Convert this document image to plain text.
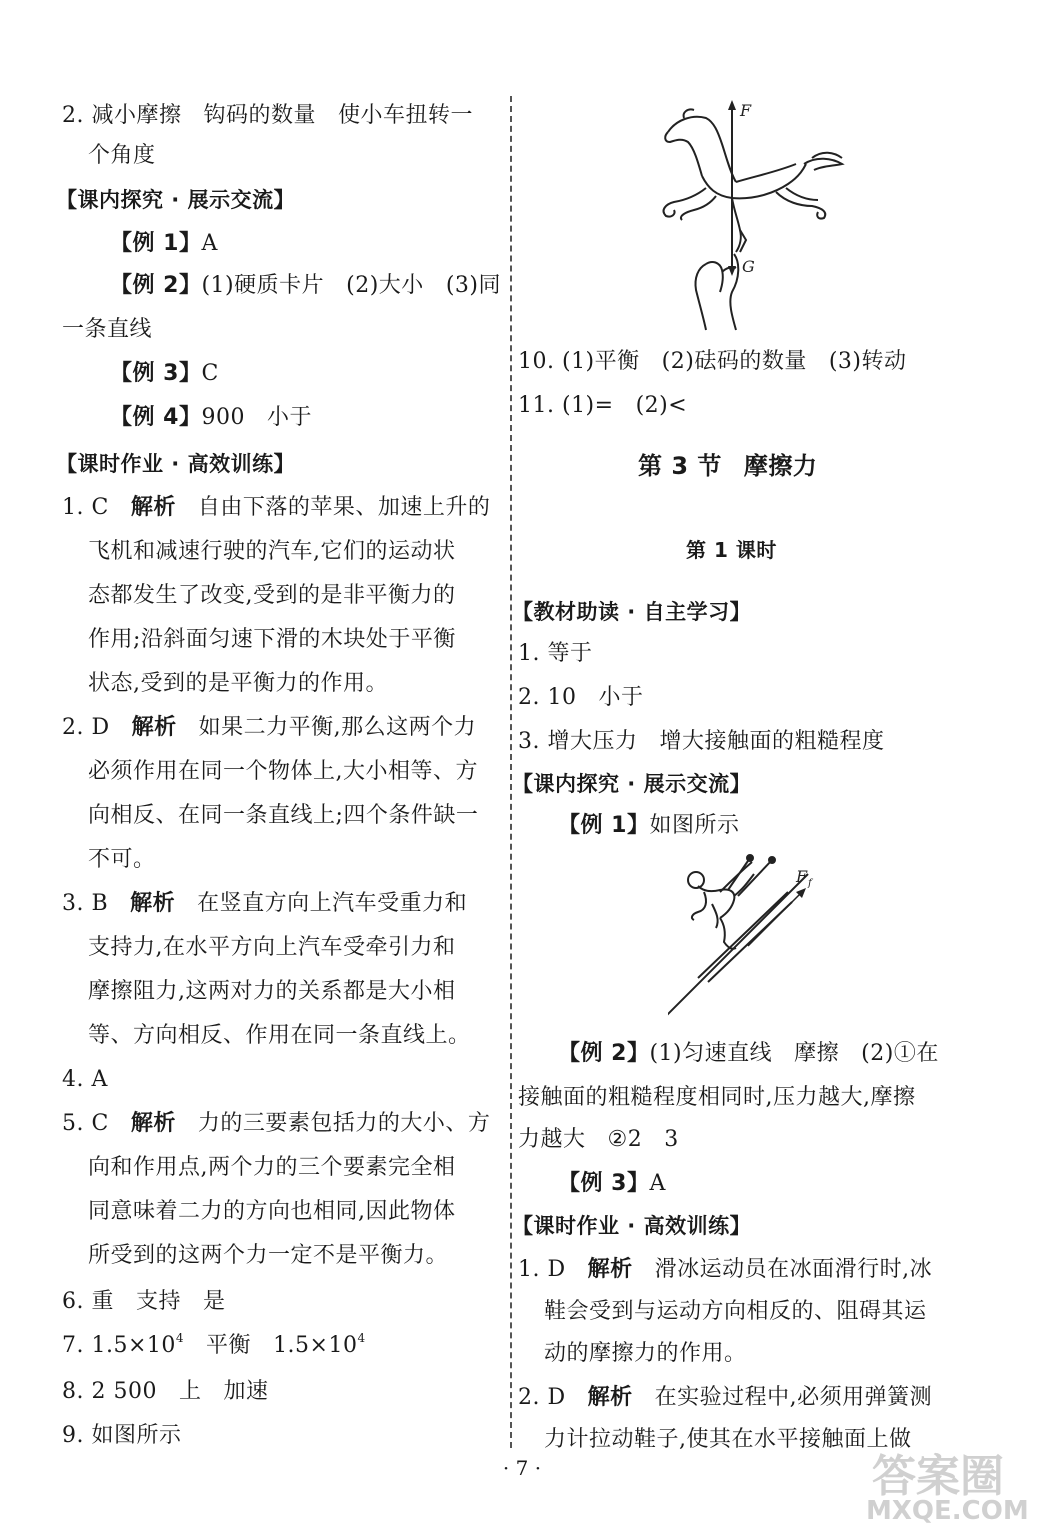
2. 减小摩擦 钩码的数量 使小车扭转一
个角度
【课内探究 · 展示交流】
【例 1】A
【例 2】(1)硬质卡片 (2)大小 (3)同
一条直线
【例 3】C
【例 4】900 小于
【课时作业 · 高效训练】
1. C 解析 自由下落的苹果、加速上升的
飞机和减速行驶的汽车,它们的运动状
态都发生了改变,受到的是非平衡力的
作用;沿斜面匀速下滑的木块处于平衡
状态,受到的是平衡力的作用。
2. D 解析 如果二力平衡,那么这两个力
必须作用在同一个物体上,大小相等、方
向相反、在同一条直线上;四个条件缺一
不可。
3. B 解析 在竖直方向上汽车受重力和
支持力,在水平方向上汽车受牵引力和
摩擦阻力,这两对力的关系都是大小相
等、方向相反、作用在同一条直线上。
4. A
5. C 解析 力的三要素包括力的大小、方
向和作用点,两个力的三个要素完全相
同意味着二力的方向也相同,因此物体
所受到的这两个力一定不是平衡力。
6. 重 支持 是
7. $1.5\times 10^4$ 平衡 $1.5\times 10^4$
8. 2 500 上 加速
9. 如图所示
F
G
10. (1)平衡 (2)砝码的数量 (3)转动
11. (1)= (2)<
第 3 节 摩擦力
第 1 课时
【教材助读 · 自主学习】
1. 等于
2. 10 小于
3. 增大压力 增大接触面的粗糙程度
【课内探究 · 展示交流】
【例 1】如图所示
F f
【例 2】(1)匀速直线 摩擦 (2)①在
接触面的粗糙程度相同时,压力越大,摩擦
力越大 ②2 3
【例 3】A
【课时作业 · 高效训练】
1. D 解析 滑冰运动员在冰面滑行时,冰
鞋会受到与运动方向相反的、阻碍其运
动的摩擦力的作用。
2. D 解析 在实验过程中,必须用弹簧测
力计拉动鞋子,使其在水平接触面上做
· 7 ·	答案圈
MXQE.COM
